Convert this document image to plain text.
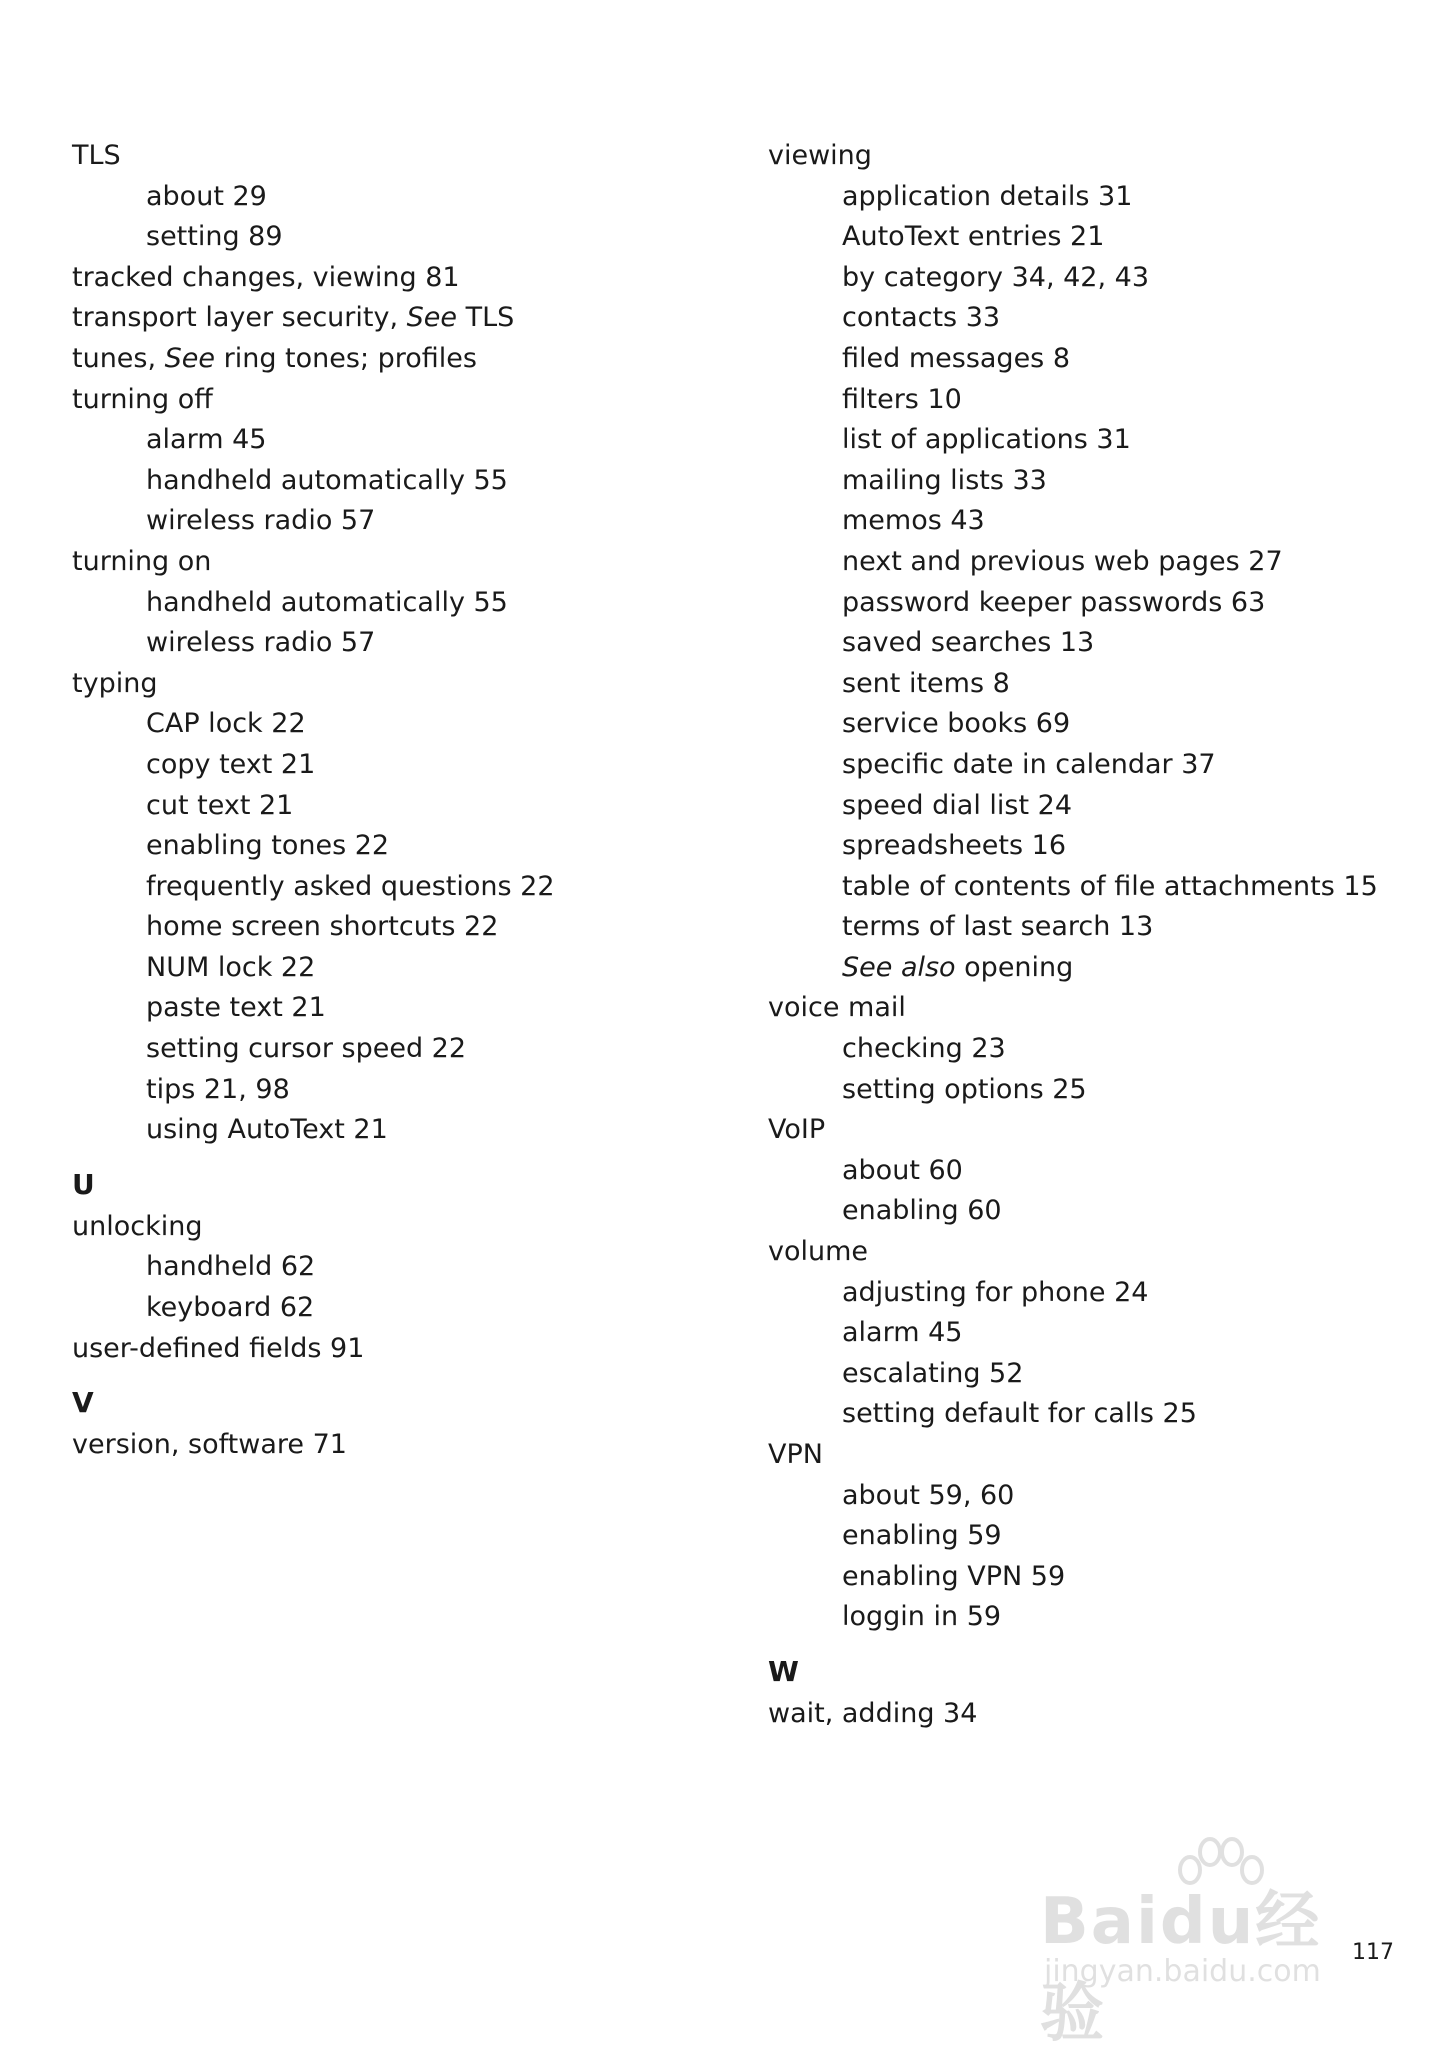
TLS
about 29
setting 89
tracked changes, viewing 81
transport layer security, See TLS
tunes, See ring tones; profiles
turning off
alarm 45
handheld automatically 55
wireless radio 57
turning on
handheld automatically 55
wireless radio 57
typing
CAP lock 22
copy text 21
cut text 21
enabling tones 22
frequently asked questions 22
home screen shortcuts 22
NUM lock 22
paste text 21
setting cursor speed 22
tips 21, 98
using AutoText 21
U
unlocking
handheld 62
keyboard 62
user-defined fields 91
V
version, software 71
viewing
application details 31
AutoText entries 21
by category 34, 42, 43
contacts 33
filed messages 8
filters 10
list of applications 31
mailing lists 33
memos 43
next and previous web pages 27
password keeper passwords 63
saved searches 13
sent items 8
service books 69
specific date in calendar 37
speed dial list 24
spreadsheets 16
table of contents of file attachments 15
terms of last search 13
See also opening
voice mail
checking 23
setting options 25
VoIP
about 60
enabling 60
volume
adjusting for phone 24
alarm 45
escalating 52
setting default for calls 25
VPN
about 59, 60
enabling 59
enabling VPN 59
loggin in 59
W
wait, adding 34
117
Baidu经验
jingyan.baidu.com
